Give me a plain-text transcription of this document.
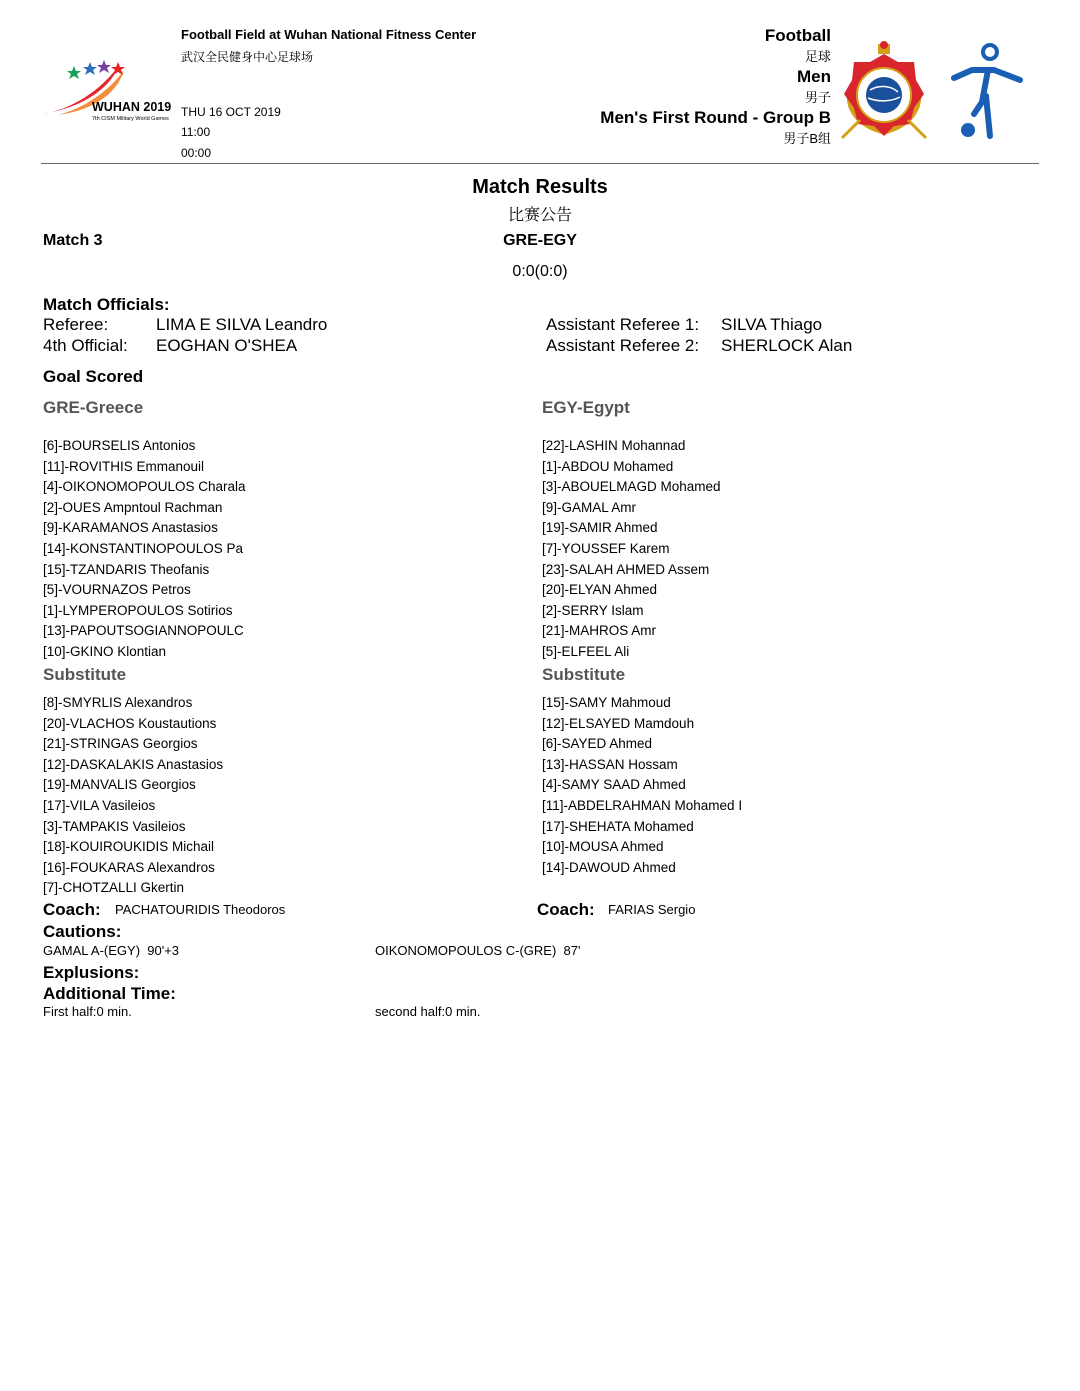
WUHAN 2019
7th CISM Military World Games
Football Field at Wuhan National Fitness Center
武汉全民健身中心足球场
THU 16 OCT 2019
11:00
00:00
Football
足球
Men
男子
Men's First Round - Group B
男子B组
Match Results
比赛公告
Match 3	GRE-EGY
0:0(0:0)
Match Officials:
Referee:	LIMA E SILVA Leandro
4th Official: EOGHAN O'SHEA
Assistant Referee 1: SILVA Thiago
Assistant Referee 2: SHERLOCK Alan
Goal Scored
GRE-Greece	EGY-Egypt
[6]-BOURSELIS Antonios
[11]-ROVITHIS Emmanouil
[4]-OIKONOMOPOULOS Charala
[2]-OUES Ampntoul Rachman
[9]-KARAMANOS Anastasios
[14]-KONSTANTINOPOULOS Pa
[15]-TZANDARIS Theofanis
[5]-VOURNAZOS Petros
[1]-LYMPEROPOULOS Sotirios
[13]-PAPOUTSOGIANNOPOULC
[10]-GKINO Klontian
[22]-LASHIN Mohannad
[1]-ABDOU Mohamed
[3]-ABOUELMAGD Mohamed
[9]-GAMAL Amr
[19]-SAMIR Ahmed
[7]-YOUSSEF Karem
[23]-SALAH AHMED Assem
[20]-ELYAN Ahmed
[2]-SERRY Islam
[21]-MAHROS Amr
[5]-ELFEEL Ali
Substitute	Substitute
[8]-SMYRLIS Alexandros
[20]-VLACHOS Koustautions
[21]-STRINGAS Georgios
[12]-DASKALAKIS Anastasios
[19]-MANVALIS Georgios
[17]-VILA Vasileios
[3]-TAMPAKIS Vasileios
[18]-KOUIROUKIDIS Michail
[16]-FOUKARAS Alexandros
[7]-CHOTZALLI Gkertin
[15]-SAMY Mahmoud
[12]-ELSAYED Mamdouh
[6]-SAYED Ahmed
[13]-HASSAN Hossam
[4]-SAMY SAAD Ahmed
[11]-ABDELRAHMAN Mohamed I
[17]-SHEHATA Mohamed
[10]-MOUSA Ahmed
[14]-DAWOUD Ahmed
Coach: PACHATOURIDIS Theodoros	Coach: FARIAS Sergio
Cautions:
GAMAL A-(EGY)  90'+3	OIKONOMOPOULOS C-(GRE)  87'
Explusions:
Additional Time:
First half:0 min.	second half:0 min.
